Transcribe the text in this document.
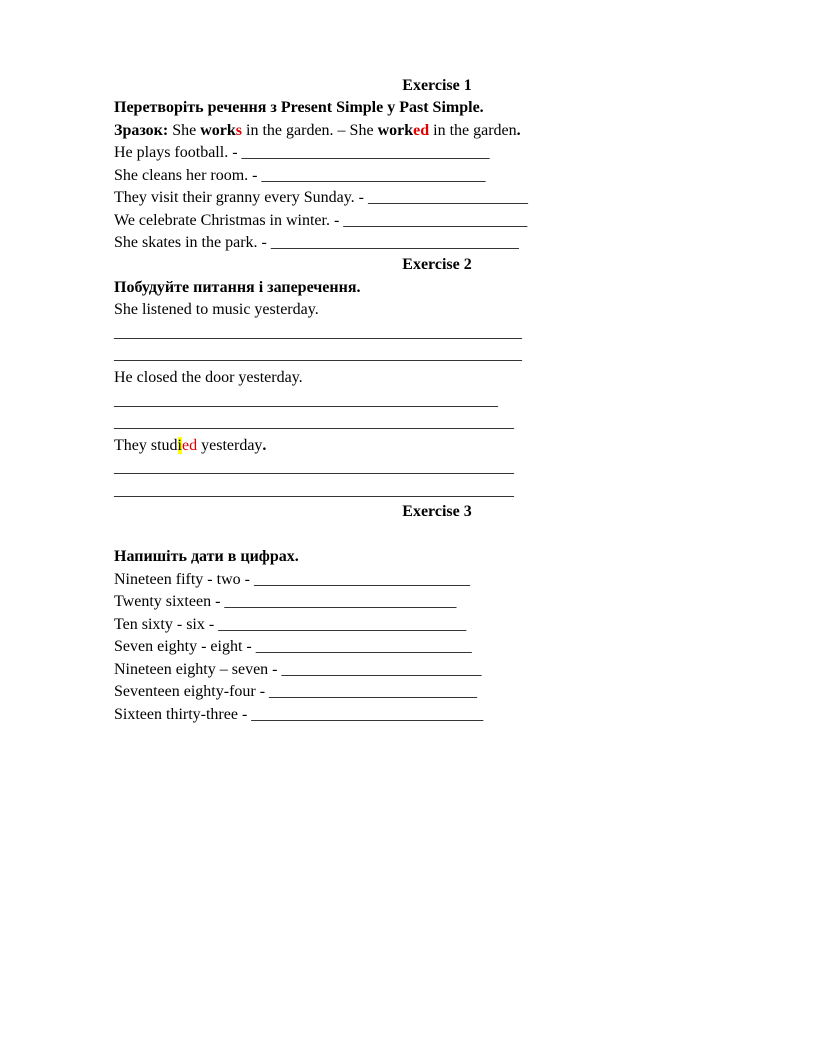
Exercise 1
Перетворіть речення з Present Simple у Past Simple.
Зразок: She works in the garden. – She worked in the garden.
He plays football. - _______________________________
She cleans her room. - ____________________________
They visit their granny every Sunday. - ____________________
We celebrate Christmas in winter. - _______________________
She skates in the park. - _______________________________
Exercise 2
Побудуйте питання і заперечення.
She listened to music yesterday.
___________________________________________________
___________________________________________________
He closed the door yesterday.
________________________________________________
__________________________________________________
They studied yesterday.
__________________________________________________
__________________________________________________
Exercise 3
Напишіть дати в цифрах.
Nineteen fifty - two - ___________________________
Twenty sixteen - _____________________________
Ten sixty - six - _______________________________
Seven eighty - eight - ___________________________
Nineteen eighty – seven - _________________________
Seventeen eighty-four - __________________________
Sixteen thirty-three - _____________________________
